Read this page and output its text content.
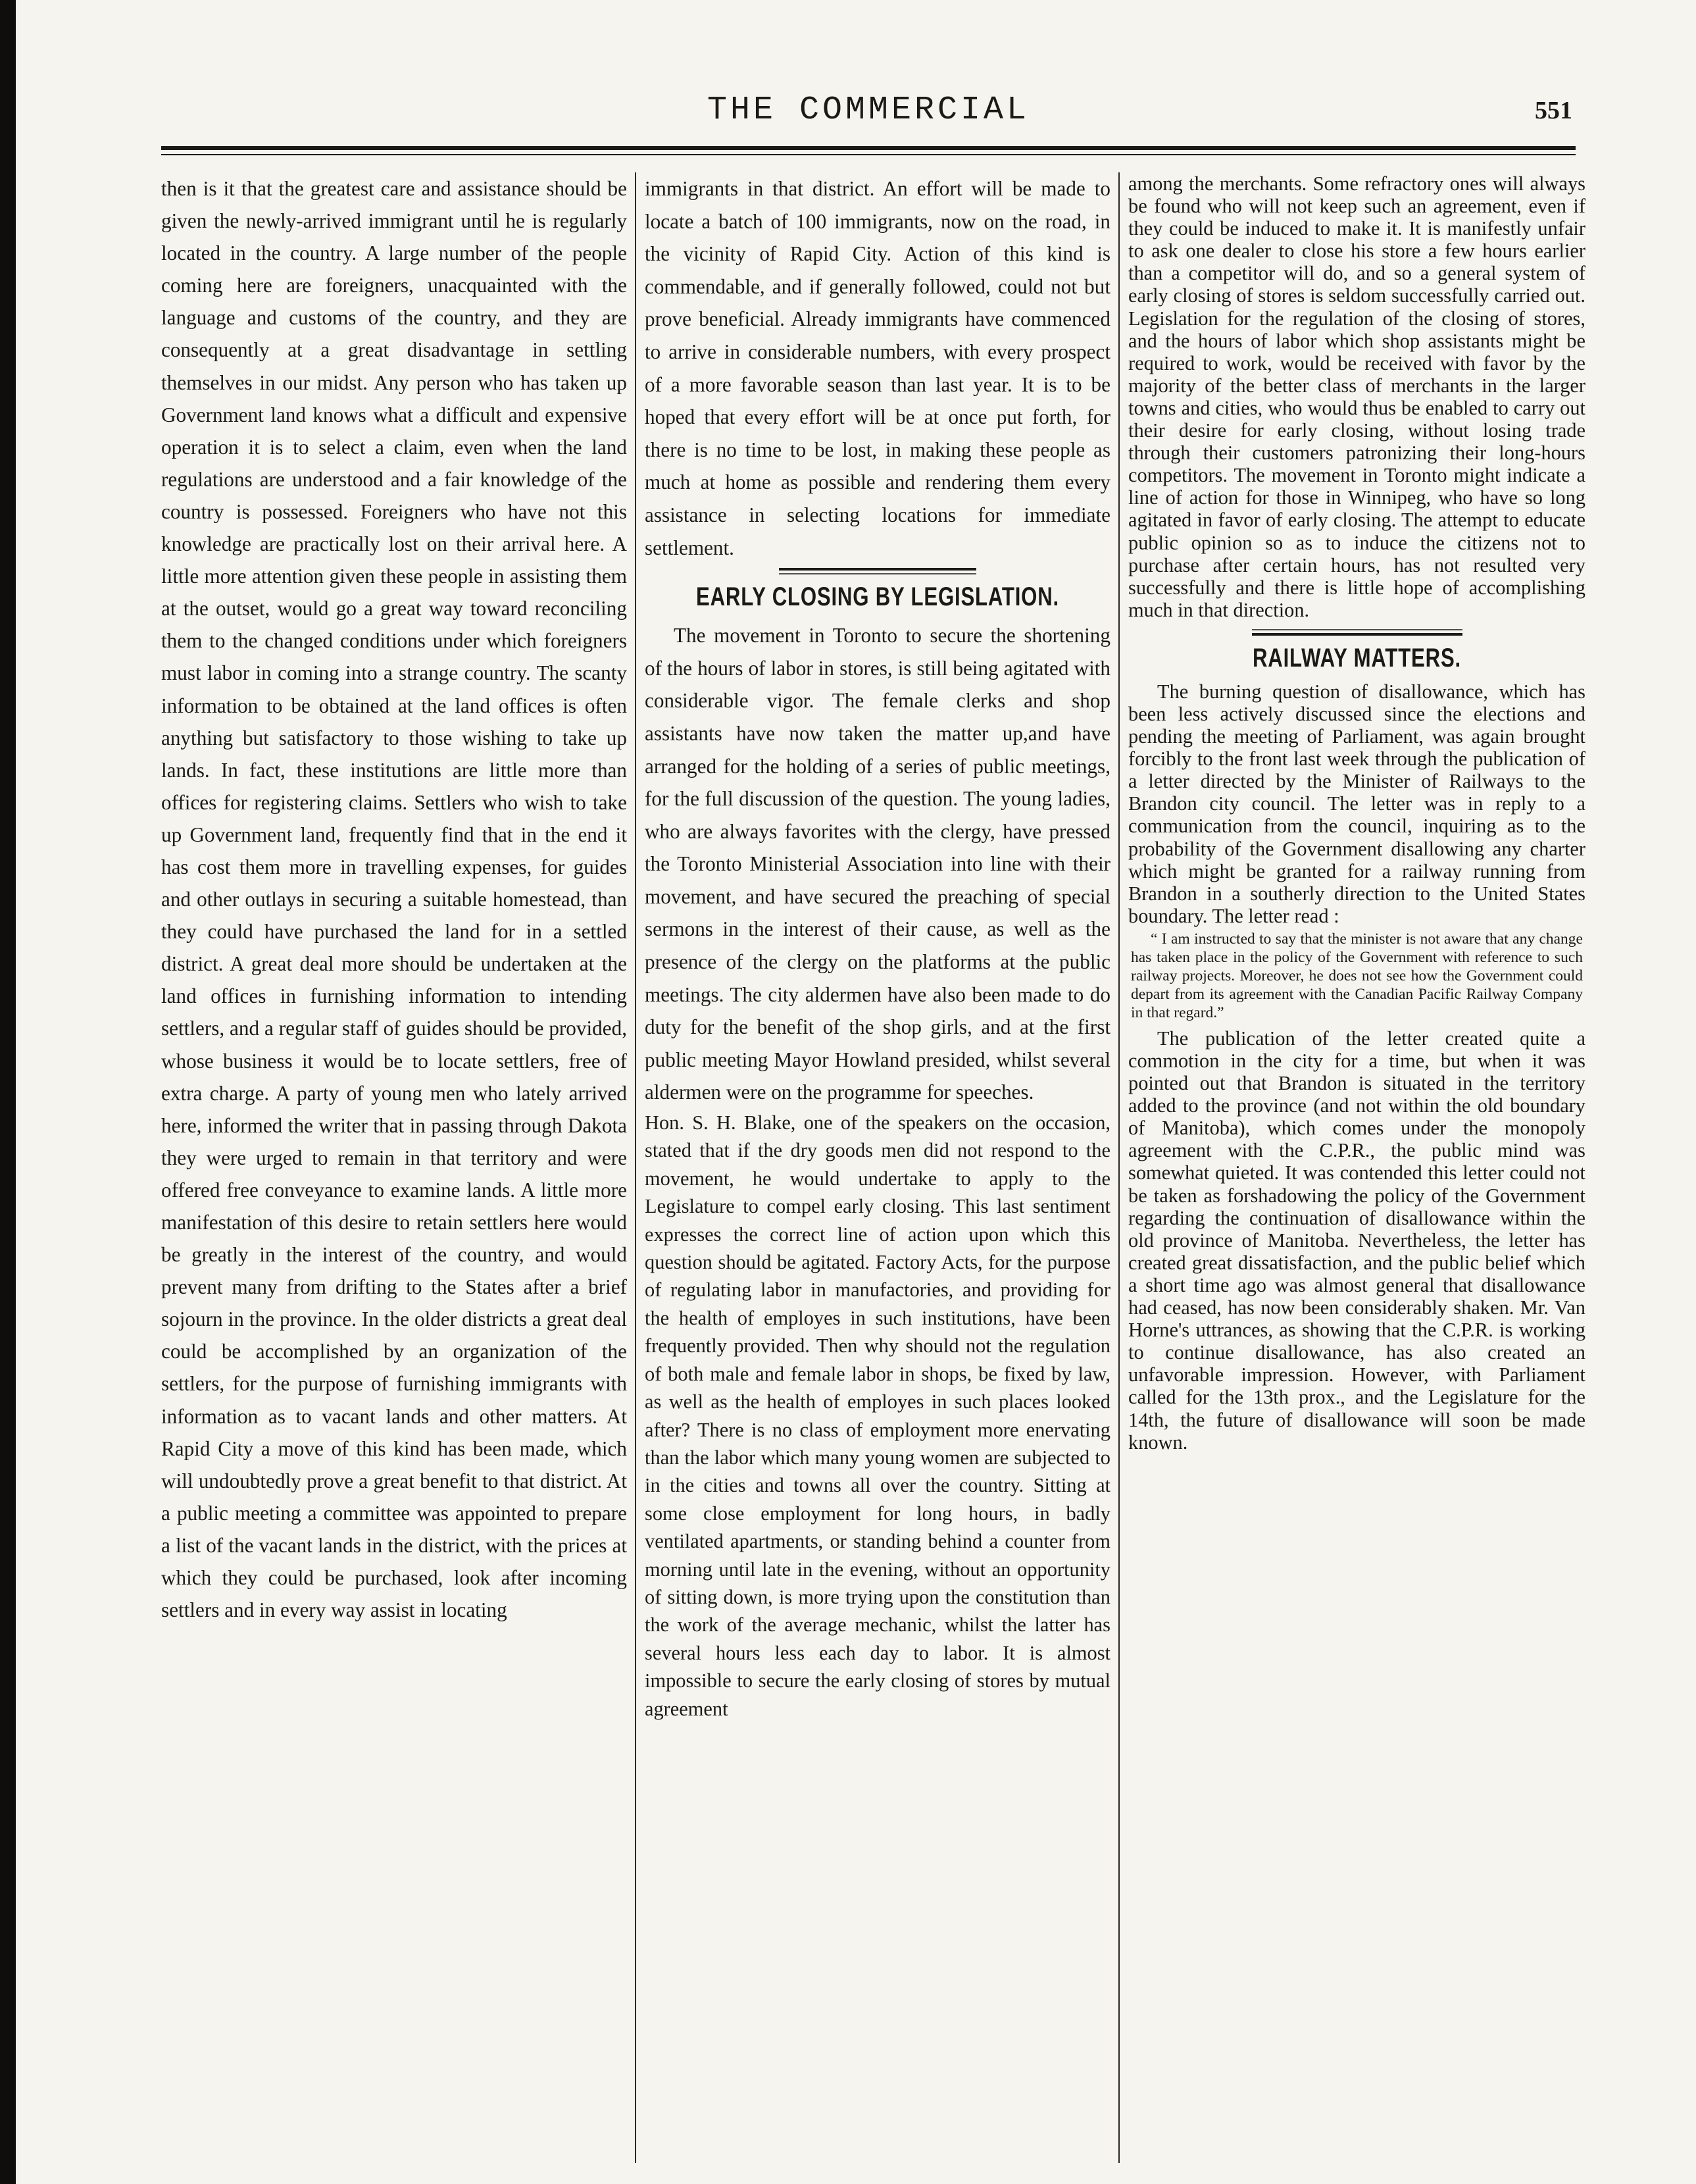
THE COMMERCIAL	551

then is it that the greatest care and assistance should be given the newly-arrived immigrant until he is regularly located in the country. A large number of the people coming here are foreigners, unacquainted with the language and customs of the country, and they are consequently at a great disadvantage in settling themselves in our midst. Any person who has taken up Government land knows what a difficult and expensive operation it is to select a claim, even when the land regulations are understood and a fair knowledge of the country is possessed. Foreigners who have not this knowledge are practically lost on their arrival here. A little more attention given these people in assisting them at the outset, would go a great way toward reconciling them to the changed conditions under which foreigners must labor in coming into a strange country. The scanty information to be obtained at the land offices is often anything but satisfactory to those wishing to take up lands. In fact, these institutions are little more than offices for registering claims. Settlers who wish to take up Government land, frequently find that in the end it has cost them more in travelling expenses, for guides and other outlays in securing a suitable homestead, than they could have purchased the land for in a settled district. A great deal more should be undertaken at the land offices in furnishing information to intending settlers, and a regular staff of guides should be provided, whose business it would be to locate settlers, free of extra charge. A party of young men who lately arrived here, informed the writer that in passing through Dakota they were urged to remain in that territory and were offered free conveyance to examine lands. A little more manifestation of this desire to retain settlers here would be greatly in the interest of the country, and would prevent many from drifting to the States after a brief sojourn in the province. In the older districts a great deal could be accomplished by an organization of the settlers, for the purpose of furnishing immigrants with information as to vacant lands and other matters. At Rapid City a move of this kind has been made, which will undoubtedly prove a great benefit to that district. At a public meeting a committee was appointed to prepare a list of the vacant lands in the district, with the prices at which they could be purchased, look after incoming settlers and in every way assist in locating

immigrants in that district. An effort will be made to locate a batch of 100 immigrants, now on the road, in the vicinity of Rapid City. Action of this kind is commendable, and if generally followed, could not but prove beneficial. Already immigrants have commenced to arrive in considerable numbers, with every prospect of a more favorable season than last year. It is to be hoped that every effort will be at once put forth, for there is no time to be lost, in making these people as much at home as possible and rendering them every assistance in selecting locations for immediate settlement.

EARLY CLOSING BY LEGISLATION.

The movement in Toronto to secure the shortening of the hours of labor in stores, is still being agitated with considerable vigor. The female clerks and shop assistants have now taken the matter up,and have arranged for the holding of a series of public meetings, for the full discussion of the question. The young ladies, who are always favorites with the clergy, have pressed the Toronto Ministerial Association into line with their movement, and have secured the preaching of special sermons in the interest of their cause, as well as the presence of the clergy on the platforms at the public meetings. The city aldermen have also been made to do duty for the benefit of the shop girls, and at the first public meeting Mayor Howland presided, whilst several aldermen were on the programme for speeches.

Hon. S. H. Blake, one of the speakers on the occasion, stated that if the dry goods men did not respond to the movement, he would undertake to apply to the Legislature to compel early closing. This last sentiment expresses the correct line of action upon which this question should be agitated. Factory Acts, for the purpose of regulating labor in manufactories, and providing for the health of employes in such institutions, have been frequently provided. Then why should not the regulation of both male and female labor in shops, be fixed by law, as well as the health of employes in such places looked after? There is no class of employment more enervating than the labor which many young women are subjected to in the cities and towns all over the country. Sitting at some close employment for long hours, in badly ventilated apartments, or standing behind a counter from morning until late in the evening, without an opportunity of sitting down, is more trying upon the constitution than the work of the average mechanic, whilst the latter has several hours less each day to labor. It is almost impossible to secure the early closing of stores by mutual agreement

among the merchants. Some refractory ones will always be found who will not keep such an agreement, even if they could be induced to make it. It is manifestly unfair to ask one dealer to close his store a few hours earlier than a competitor will do, and so a general system of early closing of stores is seldom successfully carried out. Legislation for the regulation of the closing of stores, and the hours of labor which shop assistants might be required to work, would be received with favor by the majority of the better class of merchants in the larger towns and cities, who would thus be enabled to carry out their desire for early closing, without losing trade through their customers patronizing their long-hours competitors. The movement in Toronto might indicate a line of action for those in Winnipeg, who have so long agitated in favor of early closing. The attempt to educate public opinion so as to induce the citizens not to purchase after certain hours, has not resulted very successfully and there is little hope of accomplishing much in that direction.

RAILWAY MATTERS.

The burning question of disallowance, which has been less actively discussed since the elections and pending the meeting of Parliament, was again brought forcibly to the front last week through the publication of a letter directed by the Minister of Railways to the Brandon city council. The letter was in reply to a communication from the council, inquiring as to the probability of the Government disallowing any charter which might be granted for a railway running from Brandon in a southerly direction to the United States boundary. The letter read :

“ I am instructed to say that the minister is not aware that any change has taken place in the policy of the Government with reference to such railway projects. Moreover, he does not see how the Government could depart from its agreement with the Canadian Pacific Railway Company in that regard.”

The publication of the letter created quite a commotion in the city for a time, but when it was pointed out that Brandon is situated in the territory added to the province (and not within the old boundary of Manitoba), which comes under the monopoly agreement with the C.P.R., the public mind was somewhat quieted. It was contended this letter could not be taken as forshadowing the policy of the Government regarding the continuation of disallowance within the old province of Manitoba. Nevertheless, the letter has created great dissatisfaction, and the public belief which a short time ago was almost general that disallowance had ceased, has now been considerably shaken. Mr. Van Horne's uttrances, as showing that the C.P.R. is working to continue disallowance, has also created an unfavorable impression. However, with Parliament called for the 13th prox., and the Legislature for the 14th, the future of disallowance will soon be made known.
